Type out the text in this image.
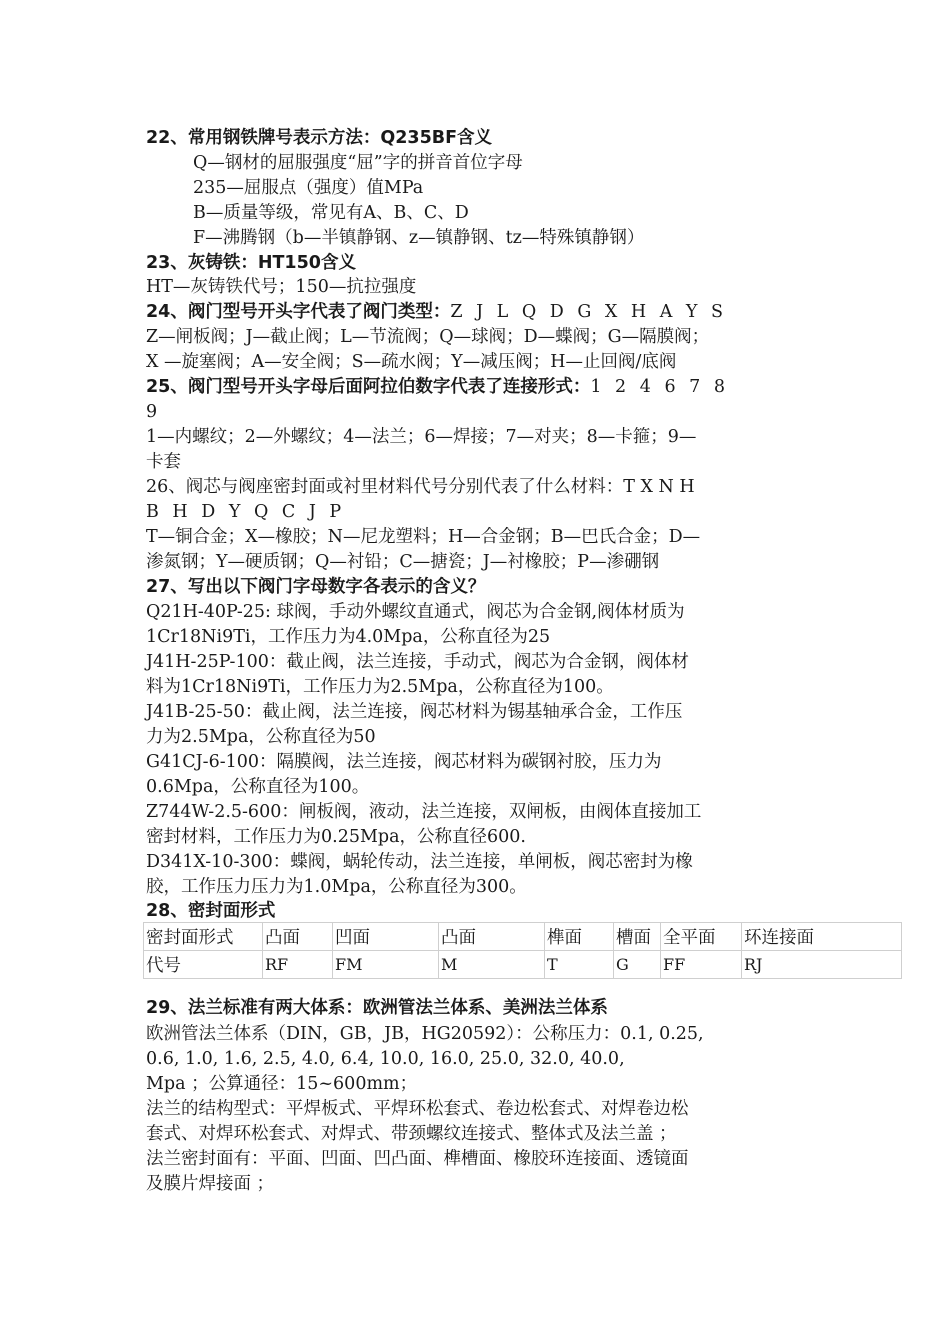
22、常用钢铁牌号表示方法：Q235BF含义
Q—钢材的屈服强度“屈”字的拼音首位字母
235—屈服点（强度）值MPa
B—质量等级，常见有A、B、C、D
F—沸腾钢（b—半镇静钢、z—镇静钢、tz—特殊镇静钢）
23、灰铸铁：HT150含义
HT—灰铸铁代号；150—抗拉强度
24、阀门型号开头字代表了阀门类型：Z J L Q D G X H A Y S
Z—闸板阀；J—截止阀；L—节流阀；Q—球阀；D—蝶阀；G—隔膜阀；
X —旋塞阀；A—安全阀；S—疏水阀；Y—减压阀；H—止回阀/底阀
25、阀门型号开头字母后面阿拉伯数字代表了连接形式：1 2 4 6 7 8
9
1—内螺纹；2—外螺纹；4—法兰；6—焊接；7—对夹；8—卡箍；9—
卡套
26、阀芯与阀座密封面或衬里材料代号分别代表了什么材料：T X N H
B H D Y Q C J P
T—铜合金；X—橡胶；N—尼龙塑料；H—合金钢；B—巴氏合金；D—
渗氮钢；Y—硬质钢；Q—衬铅；C—搪瓷；J—衬橡胶；P—渗硼钢
27、写出以下阀门字母数字各表示的含义？
Q21H-40P-25: 球阀，手动外螺纹直通式，阀芯为合金钢,阀体材质为
1Cr18Ni9Ti，工作压力为4.0Mpa，公称直径为25
J41H-25P-100：截止阀，法兰连接，手动式，阀芯为合金钢，阀体材
料为1Cr18Ni9Ti，工作压力为2.5Mpa，公称直径为100。
J41B-25-50：截止阀，法兰连接，阀芯材料为锡基轴承合金，工作压
力为2.5Mpa，公称直径为50
G41CJ-6-100：隔膜阀，法兰连接，阀芯材料为碳钢衬胶，压力为
0.6Mpa，公称直径为100。
Z744W-2.5-600：闸板阀，液动，法兰连接，双闸板，由阀体直接加工
密封材料，工作压力为0.25Mpa，公称直径600.
D341X-10-300：蝶阀，蜗轮传动，法兰连接，单闸板，阀芯密封为橡
胶，工作压力压力为1.0Mpa，公称直径为300。
28、密封面形式
密封面形式	凸面	凹面	凸面	榫面	槽面	全平面	环连接面
代号	RF	FM	M	T	G	FF	RJ
29、法兰标准有两大体系：欧洲管法兰体系、美洲法兰体系
欧洲管法兰体系（DIN，GB，JB，HG20592）：公称压力：0.1, 0.25,
0.6, 1.0, 1.6, 2.5, 4.0, 6.4, 10.0, 16.0, 25.0, 32.0, 40.0,
Mpa ；公算通径：15~600mm；
法兰的结构型式：平焊板式、平焊环松套式、卷边松套式、对焊卷边松
套式、对焊环松套式、对焊式、带颈螺纹连接式、整体式及法兰盖 ；
法兰密封面有：平面、凹面、凹凸面、榫槽面、橡胶环连接面、透镜面
及膜片焊接面 ；
